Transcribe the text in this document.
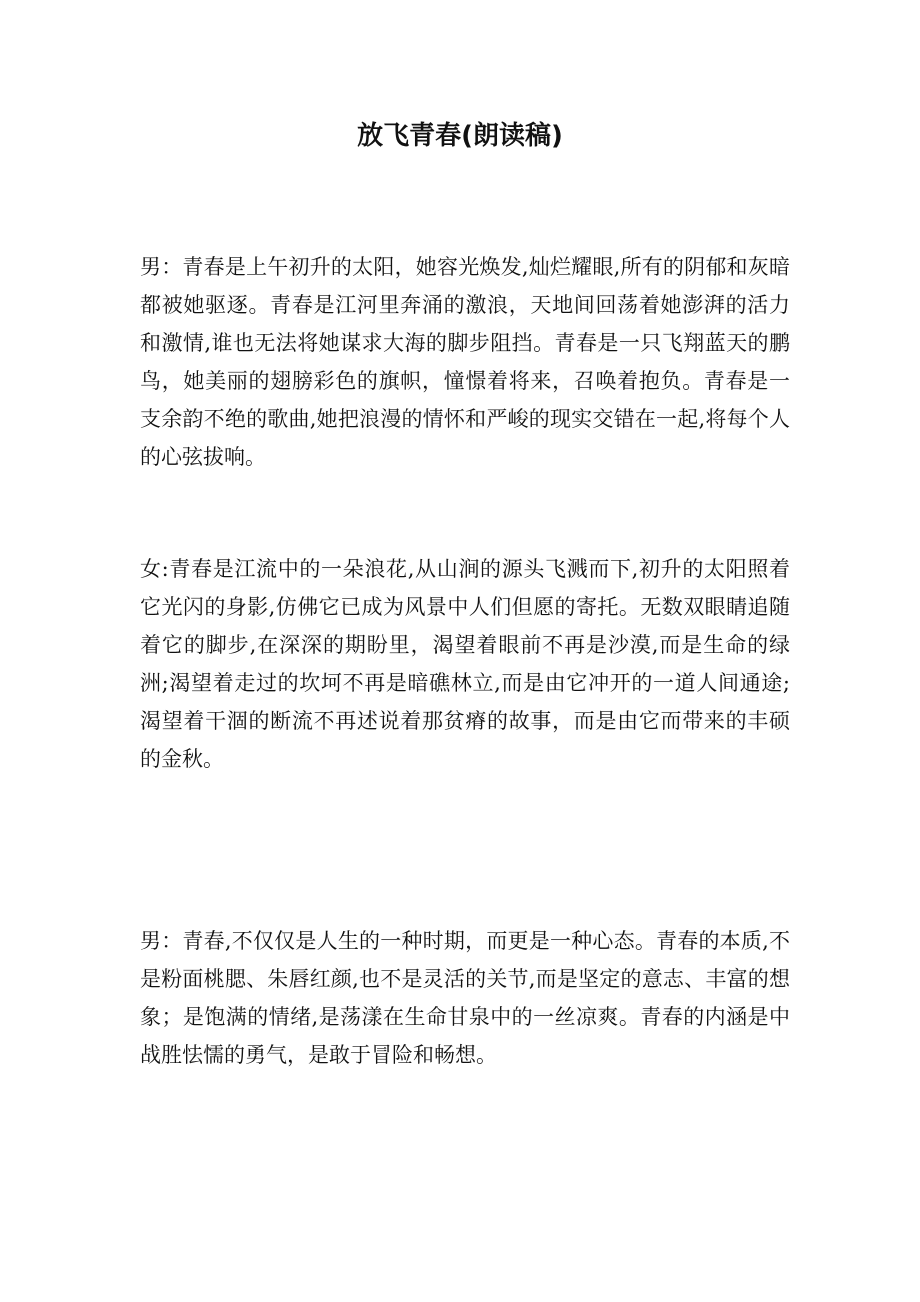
放飞青春(朗读稿)

男：青春是上午初升的太阳，她容光焕发,灿烂耀眼,所有的阴郁和灰暗都被她驱逐。青春是江河里奔涌的激浪，天地间回荡着她澎湃的活力和激情,谁也无法将她谋求大海的脚步阻挡。青春是一只飞翔蓝天的鹏鸟，她美丽的翅膀彩色的旗帜，憧憬着将来，召唤着抱负。青春是一支余韵不绝的歌曲,她把浪漫的情怀和严峻的现实交错在一起,将每个人的心弦拔响。

女:青春是江流中的一朵浪花,从山涧的源头飞溅而下,初升的太阳照着它光闪的身影,仿佛它已成为风景中人们但愿的寄托。无数双眼睛追随着它的脚步,在深深的期盼里，渴望着眼前不再是沙漠,而是生命的绿洲;渴望着走过的坎坷不再是暗礁林立,而是由它冲开的一道人间通途; 渴望着干涸的断流不再述说着那贫瘠的故事，而是由它而带来的丰硕的金秋。

男：青春,不仅仅是人生的一种时期，而更是一种心态。青春的本质,不是粉面桃腮、朱唇红颜,也不是灵活的关节,而是坚定的意志、丰富的想象；是饱满的情绪,是荡漾在生命甘泉中的一丝凉爽。青春的内涵是中战胜怯懦的勇气，是敢于冒险和畅想。
